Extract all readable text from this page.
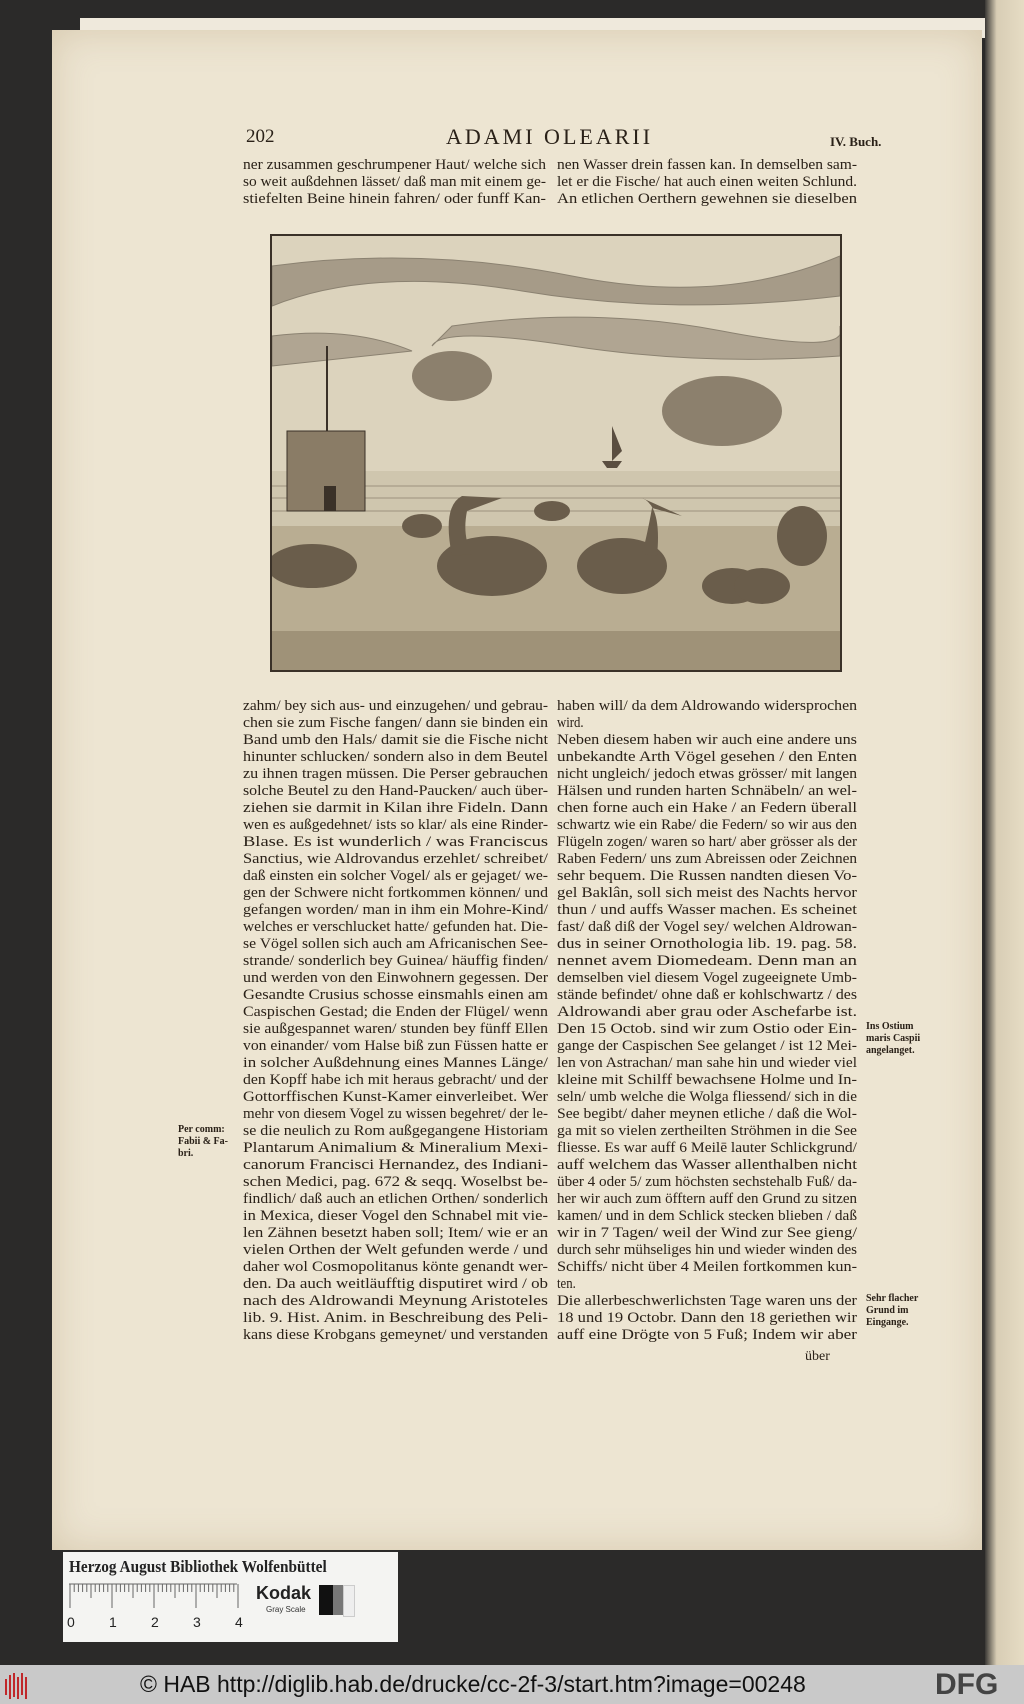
202	ADAMI OLEARII	IV. Buch.
ner zusammen geschrumpener Haut/ welche sich
so weit außdehnen lässet/ daß man mit einem ge-
stiefelten Beine hinein fahren/ oder funff Kan-
nen Wasser drein fassen kan. In demselben sam-
let er die Fische/ hat auch einen weiten Schlund.
An etlichen Oerthern gewehnen sie dieselben
zahm/ bey sich aus- und einzugehen/ und gebrau-
chen sie zum Fische fangen/ dann sie binden ein
Band umb den Hals/ damit sie die Fische nicht
hinunter schlucken/ sondern also in dem Beutel
zu ihnen tragen müssen. Die Perser gebrauchen
solche Beutel zu den Hand-Paucken/ auch über-
ziehen sie darmit in Kilan ihre Fideln. Dann
wen es außgedehnet/ ists so klar/ als eine Rinder-
Blase. Es ist wunderlich / was Franciscus
Sanctius, wie Aldrovandus erzehlet/ schreibet/
daß einsten ein solcher Vogel/ als er gejaget/ we-
gen der Schwere nicht fortkommen können/ und
gefangen worden/ man in ihm ein Mohre-Kind/
welches er verschlucket hatte/ gefunden hat. Die-
se Vögel sollen sich auch am Africanischen See-
strande/ sonderlich bey Guinea/ häuffig finden/
und werden von den Einwohnern gegessen. Der
Gesandte Crusius schosse einsmahls einen am
Caspischen Gestad; die Enden der Flügel/ wenn
sie außgespannet waren/ stunden bey fünff Ellen
von einander/ vom Halse biß zun Füssen hatte er
in solcher Außdehnung eines Mannes Länge/
den Kopff habe ich mit heraus gebracht/ und der
Gottorffischen Kunst-Kamer einverleibet. Wer
mehr von diesem Vogel zu wissen begehret/ der le-
se die neulich zu Rom außgegangene Historiam
Plantarum Animalium & Mineralium Mexi-
canorum Francisci Hernandez, des Indiani-
schen Medici, pag. 672 & seqq. Woselbst be-
findlich/ daß auch an etlichen Orthen/ sonderlich
in Mexica, dieser Vogel den Schnabel mit vie-
len Zähnen besetzt haben soll; Item/ wie er an
vielen Orthen der Welt gefunden werde / und
daher wol Cosmopolitanus könte genandt wer-
den. Da auch weitläufftig disputiret wird / ob
nach des Aldrowandi Meynung Aristoteles
lib. 9. Hist. Anim. in Beschreibung des Peli-
kans diese Krobgans gemeynet/ und verstanden
haben will/ da dem Aldrowando widersprochen
wird.
Neben diesem haben wir auch eine andere uns
unbekandte Arth Vögel gesehen / den Enten
nicht ungleich/ jedoch etwas grösser/ mit langen
Hälsen und runden harten Schnäbeln/ an wel-
chen forne auch ein Hake / an Federn überall
schwartz wie ein Rabe/ die Federn/ so wir aus den
Flügeln zogen/ waren so hart/ aber grösser als der
Raben Federn/ uns zum Abreissen oder Zeichnen
sehr bequem. Die Russen nandten diesen Vo-
gel Baklân, soll sich meist des Nachts hervor
thun / und auffs Wasser machen. Es scheinet
fast/ daß diß der Vogel sey/ welchen Aldrowan-
dus in seiner Ornothologia lib. 19. pag. 58.
nennet avem Diomedeam. Denn man an
demselben viel diesem Vogel zugeeignete Umb-
stände befindet/ ohne daß er kohlschwartz / des
Aldrowandi aber grau oder Aschefarbe ist.
Den 15 Octob. sind wir zum Ostio oder Ein-
gange der Caspischen See gelanget / ist 12 Mei-
len von Astrachan/ man sahe hin und wieder viel
kleine mit Schilff bewachsene Holme und In-
seln/ umb welche die Wolga fliessend/ sich in die
See begibt/ daher meynen etliche / daß die Wol-
ga mit so vielen zertheilten Ströhmen in die See
fliesse. Es war auff 6 Meilē lauter Schlickgrund/
auff welchem das Wasser allenthalben nicht
über 4 oder 5/ zum höchsten sechstehalb Fuß/ da-
her wir auch zum öfftern auff den Grund zu sitzen
kamen/ und in dem Schlick stecken blieben / daß
wir in 7 Tagen/ weil der Wind zur See gieng/
durch sehr mühseliges hin und wieder winden des
Schiffs/ nicht über 4 Meilen fortkommen kun-
ten.
Die allerbeschwerlichsten Tage waren uns der
18 und 19 Octobr. Dann den 18 geriethen wir
auff eine Drögte von 5 Fuß; Indem wir aber
über
Per comm:
Fabii & Fa-
bri.
Ins Ostium
maris Caspii
angelanget.
Sehr flacher
Grund im
Eingange.
Herzog August Bibliothek Wolfenbüttel
0 1 2 3 4
Kodak
Gray Scale
© HAB http://diglib.hab.de/drucke/cc-2f-3/start.htm?image=00248	DFG
